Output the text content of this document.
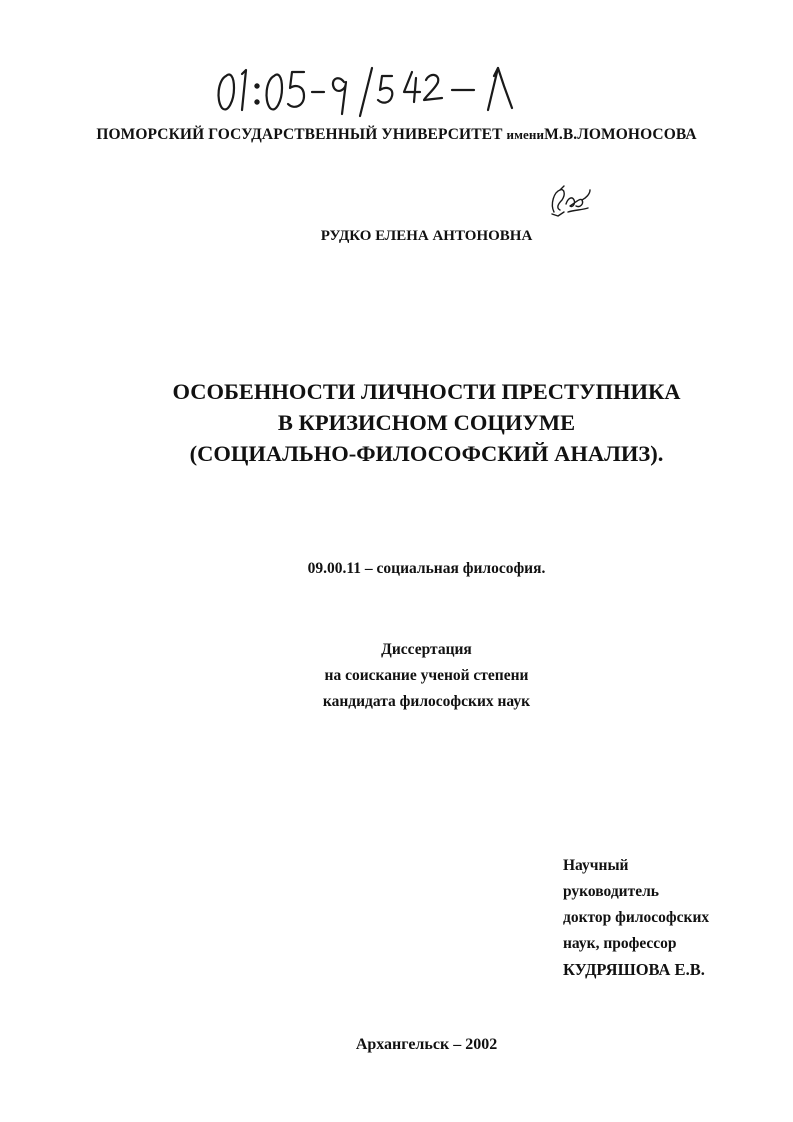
ПОМОРСКИЙ ГОСУДАРСТВЕННЫЙ УНИВЕРСИТЕТ имениМ.В.ЛОМОНОСОВА
РУДКО ЕЛЕНА АНТОНОВНА
ОСОБЕННОСТИ ЛИЧНОСТИ ПРЕСТУПНИКА
В КРИЗИСНОМ СОЦИУМЕ
(СОЦИАЛЬНО-ФИЛОСОФСКИЙ АНАЛИЗ).
09.00.11 – социальная философия.
Диссертация
на соискание ученой степени
кандидата философских наук
Научный
руководитель
доктор философских
наук, профессор
КУДРЯШОВА Е.В.
Архангельск – 2002
